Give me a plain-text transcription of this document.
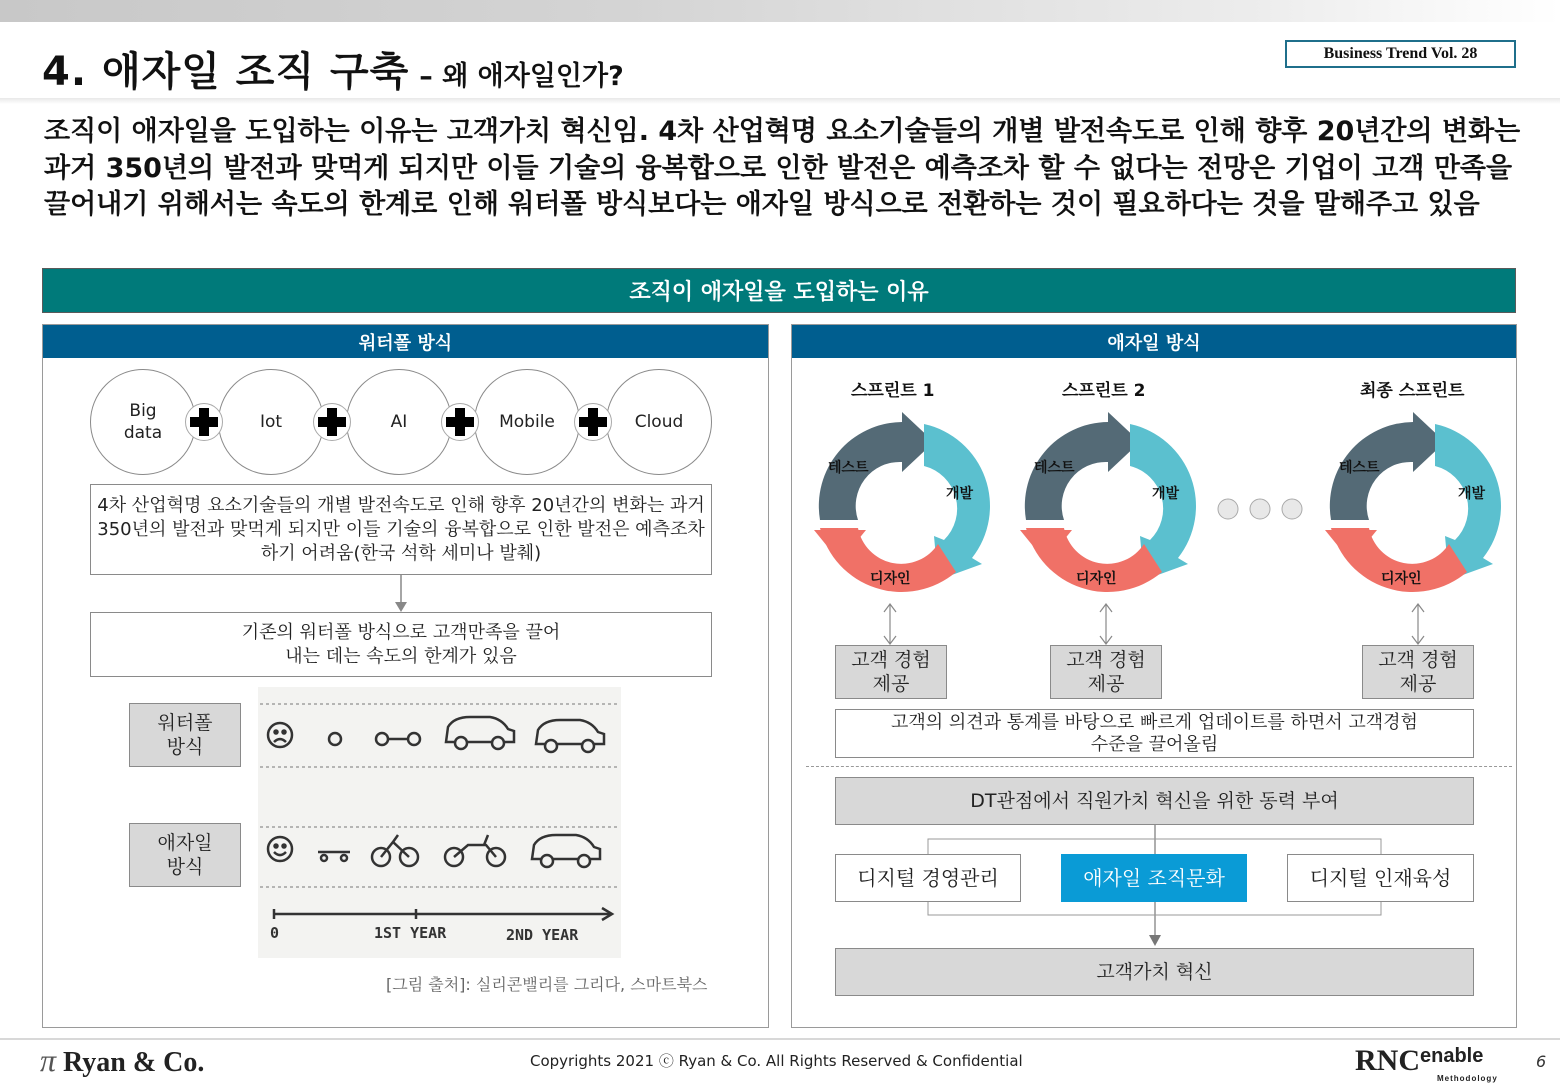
4. 애자일 조직 구축 – 왜 애자일인가?
Business Trend Vol. 28
조직이 애자일을 도입하는 이유는 고객가치 혁신임. 4차 산업혁명 요소기술들의 개별 발전속도로 인해 향후 20년간의 변화는 과거 350년의 발전과 맞먹게 되지만 이들 기술의 융복합으로 인한 발전은 예측조차 할 수 없다는 전망은 기업이 고객 만족을 끌어내기 위해서는 속도의 한계로 인해 워터폴 방식보다는 애자일 방식으로 전환하는 것이 필요하다는 것을 말해주고 있음
조직이 애자일을 도입하는 이유
워터폴 방식
Big data
Iot	AI	Mobile	Cloud
4차 산업혁명 요소기술들의 개별 발전속도로 인해 향후 20년간의 변화는 과거 350년의 발전과 맞먹게 되지만 이들 기술의 융복합으로 인한 발전은 예측조차 하기 어려움(한국 석학 세미나 발췌)
기존의 워터폴 방식으로 고객만족을 끌어내는 데는 속도의 한계가 있음
워터폴 방식
애자일 방식
0	1ST YEAR	2ND YEAR
[그림 출처]: 실리콘밸리를 그리다, 스마트북스
애자일 방식
스프린트 1	스프린트 2	최종 스프린트
테스트
개발
디자인
테스트
개발
디자인
테스트
개발
디자인
고객 경험제공
고객 경험제공
고객 경험제공
고객의 의견과 통계를 바탕으로 빠르게 업데이트를 하면서 고객경험 수준을 끌어올림
DT관점에서 직원가치 혁신을 위한 동력 부여
디지털 경영관리	애자일 조직문화	디지털 인재육성
고객가치 혁신
π Ryan & Co.	Copyrights 2021 ⓒ Ryan & Co. All Rights Reserved & Confidential	$RNC^{enable}$
Methodology
6
